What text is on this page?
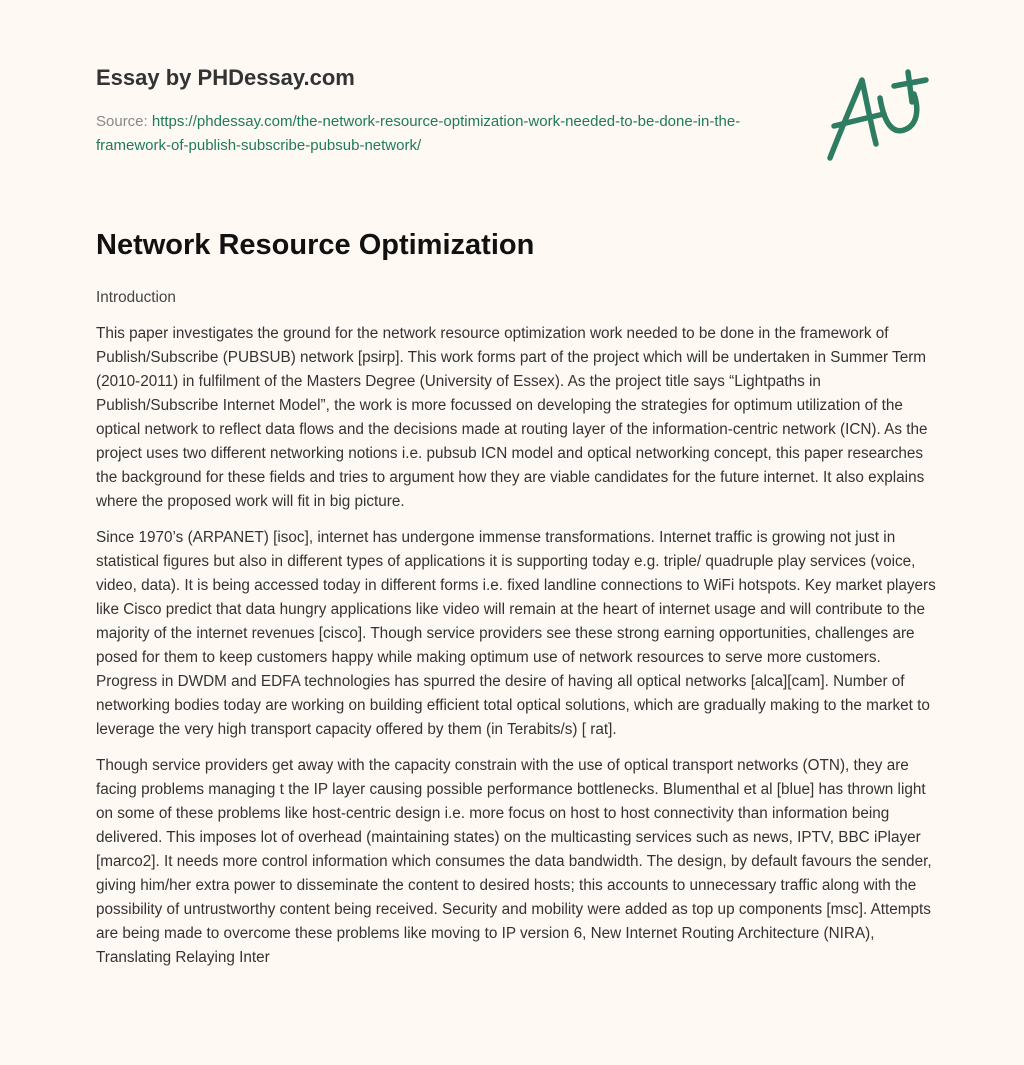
Essay by PHDessay.com
Source: https://phdessay.com/the-network-resource-optimization-work-needed-to-be-done-in-the-framework-of-publish-subscribe-pubsub-network/
Network Resource Optimization
Introduction

This paper investigates the ground for the network resource optimization work needed to be done in the framework of Publish/Subscribe (PUBSUB) network [psirp]. This work forms part of the project which will be undertaken in Summer Term (2010-2011) in fulfilment of the Masters Degree (University of Essex). As the project title says “Lightpaths in Publish/Subscribe Internet Model”, the work is more focussed on developing the strategies for optimum utilization of the optical network to reflect data flows and the decisions made at routing layer of the information-centric network (ICN). As the project uses two different networking notions i.e. pubsub ICN model and optical networking concept, this paper researches the background for these fields and tries to argument how they are viable candidates for the future internet. It also explains where the proposed work will fit in big picture.

Since 1970’s (ARPANET) [isoc], internet has undergone immense transformations. Internet traffic is growing not just in statistical figures but also in different types of applications it is supporting today e.g. triple/ quadruple play services (voice, video, data). It is being accessed today in different forms i.e. fixed landline connections to WiFi hotspots. Key market players like Cisco predict that data hungry applications like video will remain at the heart of internet usage and will contribute to the majority of the internet revenues [cisco]. Though service providers see these strong earning opportunities, challenges are posed for them to keep customers happy while making optimum use of network resources to serve more customers. Progress in DWDM and EDFA technologies has spurred the desire of having all optical networks [alca][cam]. Number of networking bodies today are working on building efficient total optical solutions, which are gradually making to the market to leverage the very high transport capacity offered by them (in Terabits/s) [ rat].

Though service providers get away with the capacity constrain with the use of optical transport networks (OTN), they are facing problems managing t the IP layer causing possible performance bottlenecks. Blumenthal et al [blue] has thrown light on some of these problems like host-centric design i.e. more focus on host to host connectivity than information being delivered. This imposes lot of overhead (maintaining states) on the multicasting services such as news, IPTV, BBC iPlayer [marco2]. It needs more control information which consumes the data bandwidth. The design, by default favours the sender, giving him/her extra power to disseminate the content to desired hosts; this accounts to unnecessary traffic along with the possibility of untrustworthy content being received. Security and mobility were added as top up components [msc]. Attempts are being made to overcome these problems like moving to IP version 6, New Internet Routing Architecture (NIRA), Translating Relaying Inter
